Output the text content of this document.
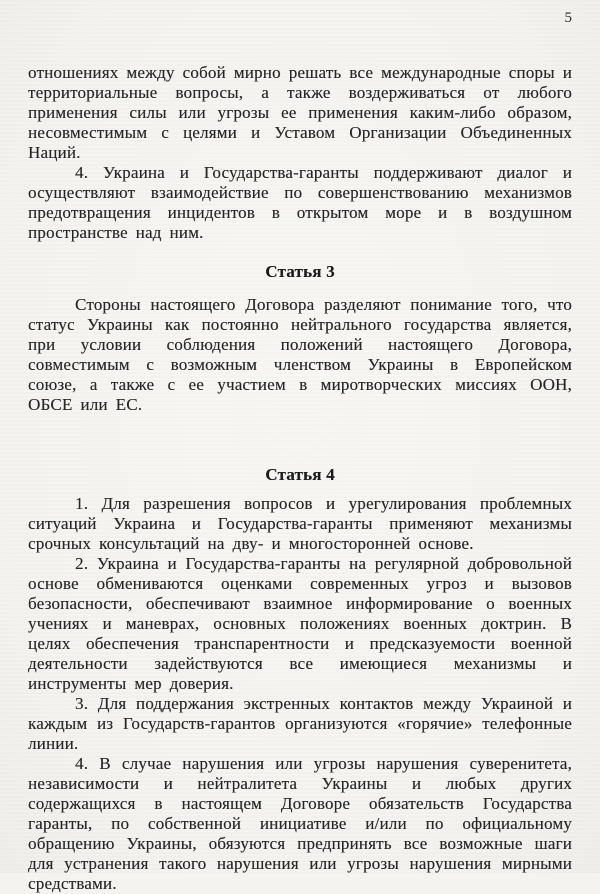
5

отношениях между собой мирно решать все международные споры и территориальные вопросы, а также воздерживаться от любого применения силы или угрозы ее применения каким-либо образом, несовместимым с целями и Уставом Организации Объединенных Наций.

4. Украина и Государства-гаранты поддерживают диалог и осуществляют взаимодействие по совершенствованию механизмов предотвращения инцидентов в открытом море и в воздушном пространстве над ним.

Статья 3

Стороны настоящего Договора разделяют понимание того, что статус Украины как постоянно нейтрального государства является, при условии соблюдения положений настоящего Договора, совместимым с возможным членством Украины в Европейском союзе, а также с ее участием в миротворческих миссиях ООН, ОБСЕ или ЕС.

Статья 4

1. Для разрешения вопросов и урегулирования проблемных ситуаций Украина и Государства-гаранты применяют механизмы срочных консультаций на дву- и многосторонней основе.

2. Украина и Государства-гаранты на регулярной добровольной основе обмениваются оценками современных угроз и вызовов безопасности, обеспечивают взаимное информирование о военных учениях и маневрах, основных положениях военных доктрин. В целях обеспечения транспарентности и предсказуемости военной деятельности задействуются все имеющиеся механизмы и инструменты мер доверия.

3. Для поддержания экстренных контактов между Украиной и каждым из Государств-гарантов организуются «горячие» телефонные линии.

4. В случае нарушения или угрозы нарушения суверенитета, независимости и нейтралитета Украины и любых других содержащихся в настоящем Договоре обязательств Государства гаранты, по собственной инициативе и/или по официальному обращению Украины, обязуются предпринять все возможные шаги для устранения такого нарушения или угрозы нарушения мирными средствами.
